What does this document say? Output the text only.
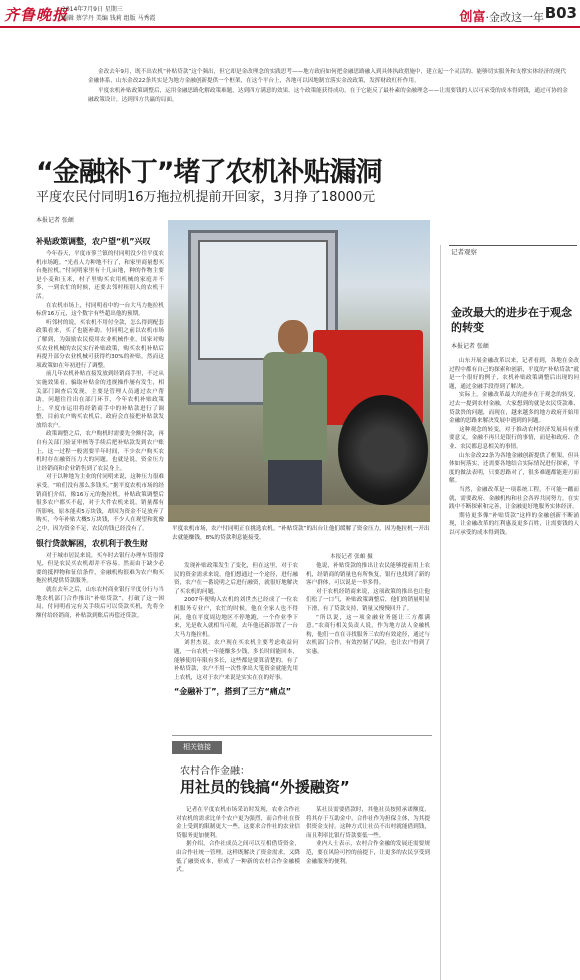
齐鲁晚报
2014年7月9日 星期三
编辑 蔡学丹 美编 钱莉 组版 马秀霞	创富·金改这一年 B03

金改去年9月，既不出农机“补贴贷款”这个频出，但它却是金改理念的实践思考——地方政府如何把金融思路融入到具体执政措施中，建立起一个灵活的、能够切实服务和支撑实体经济的现代金融体系，山东金改22条其实是为地方金融创新提供一个框架，在这个平台上，各地可以因地制宜落实金改政策，发挥财政杠杆作用。

平度农机补贴政策调整后，运用金融思路化解政策难题，达到四方满意的效果。这个政策能获得成功，在于它能反了最朴素的金融理念——让需要钱的人以可承受的成本得到钱，通过可协的金融政策设计，达到四方共赢的局面。

“金融补丁”堵了农机补贴漏洞
平度农民付同明16万拖拉机提前开回家，3月挣了18000元
本报记者 张頔
平度农机市场，农户付同明正在挑选农机。“补贴贷款”的出台让他们缓解了资金压力，因为拖拉机一开出去就能赚钱，8%的贷款利息能接受。
本报记者 张頔 摄

补贴政策调整，农户望“机”兴叹

今年春天，平度市蓼兰镇的付同明没少往平度农机市场跑。“光看人力种地不行了，和家里商量想买台拖拉机。”付同明家里有十几亩地，种的作物主要是小麦和玉米，村子里购买农用机械的家庭并不多，一到农忙的时候，还要去邻村租别人的农机干活。

在农机市场上，付同明看中的一台大马力拖拉机标价16万元，这个数字有些超出他的预期。

听邻村的说，买农机不用付全款，怎么得到配套政策看来，买了也能补助。付同明之前以农机市场了解到，为鼓励农民使用农业机械作业，国家对购买农业机械的农民实行补贴政策，购买农机补贴后再提升部分农业机械可获得约30%的补贴。然而这项政策如在年初进行了调整。

前几年农机补贴直接发放到经销商手里，不过从实施效果看，骗取补贴金的违规操作屡有发生，相关部门调查后发现，主要是管理人员通过农户帮助，问题往往出在部门环节，今年农机补贴政策上，平度市运用将经销商手中的补贴款进行了调整，目前农户购买农机后，政府会直接把补贴款发放给农户。

政策调整之后，农户购机时需要先全额付款，再自有关部门验证审核等手续后把补贴款发到农户账上，这一过程一般需要半年时间，不少农户购买农机时存在融资压力大的问题，也就是说，资金压力让经销商和企业销售到了农民身上。

对于以种地为主业的付同明来说，这种压力很难承受。“咱们没有那么多钱买。”据平度农机市场的经销商们介绍，像16万元的拖拉机，补贴政策调整后很多农户都买不起，对于大件农机来说，销量都有所影响，原本能卖5万块钱，却因为资金不足放弃了购买，今年补贴大概5万块钱，不少人在观望和犹豫之中，因为资金不足，农民的钱已经没有了。

银行贷款解困，农机利于教生财

对于城市居民来说，买车时去银行办理车贷很常见，但是农民买农机却并不容易。然而由于缺少必要的抵押物和征信条件，金融机构很难为农户购买拖拉机提供贷款服务。

就在去年之后，山东农村商业银行平度分行与当地农机部门合作推出“补贴贷款”，打破了这一困局，付同明看完有关手续后可以贷款买机，先将全额付给经销商，补贴款到账后再偿还贷款。

发现补贴政策发生了变化，但在这里，对于农民的资金需求来说，他们想通过一个途径，进行融资，农户在一番说明之后进行融资，就很好地解决了买农机的问题。

2007年便购入农机的刘世杰已经成了一位农机服务专业户，农忙的时候，他在全家人也不得闲，他在平度周边地区不停地跑，一个作业季下来，光是收入就相当可观，去年他还新添置了一台大马力拖拉机。

刘世杰说，农户现在买农机主要考虑收益问题，一台农机一年能赚多少钱，多长时间能回本，能够使用年限有多长，这些都是要算清楚的。有了补贴贷款，农户不用一次性拿出大笔资金就能先用上农机，这对于农户来说是实实在在的好事。

“金融补丁”，搭到了三方“痛点”

他说，补贴贷款的推出让农民能够提前用上农机，经销商的销量也有所恢复，银行也找到了新的客户群体，可以说是一举多得。

对于农机经销商来说，这项政策的推出也让他们松了一口气，补贴政策调整后，他们的销量明显下滑，有了贷款支持，销量又慢慢回升了。

“所以说，这一项金融业务能让三方都满意。”农商行相关负责人说，作为地方法人金融机构，他们一直在寻找服务三农的有效途径，通过与农机部门合作，有效控制了风险，也让农户得到了实惠。

相关链接
农村合作金融：
用社员的钱搞“外援融资”

记者在平度农机市场采访时发现，农业合作社对农机的需求比单个农户更为强烈，而合作社在资金上受到的限制更大一些，这要求合作社的农业信贷服务更加便利。

据介绍，合作社成员之间可以互相借贷资金，由合作社统一管理，这样既解决了资金需求，又降低了融资成本，形成了一种新的农村合作金融模式。

某社员需要借款时，其他社员按照承诺额度，将其存于互助金中，合作社作为担保主体，为其提供资金支持。这种方式让社员不出村就能借到钱，而且利率比银行贷款要低一些。

业内人士表示，农村合作金融的发展还需要规范，要在风险可控的前提下，让更多的农民享受到金融服务的便利。

记者观察
金改最大的进步在于观念的转变
本报记者 张頔

山东开展金融改革以来，记者看到，各地在金改过程中都有自己的探索和创新，平度的“补贴贷款”就是一个很好的例子，农机补贴政策调整后出现的问题，通过金融手段得到了解决。

实际上，金融改革最大的进步在于观念的转变，过去一提到农村金融，大家想到的就是农民贷款难、贷款贵的问题，而现在，越来越多的地方政府开始用金融的思路来解决发展中遇到的问题。

这种观念的转变，对于推动农村经济发展具有重要意义，金融不再只是银行的事情，而是和政府、企业、农民都息息相关的事情。

山东金改22条为各地金融创新提供了框架，但具体如何落实，还需要各地结合实际情况进行探索，平度的做法表明，只要思路对了，很多难题都能迎刃而解。

当然，金融改革是一项系统工程，不可能一蹴而就，需要政府、金融机构和社会各界共同努力，在实践中不断探索和完善，让金融更好地服务实体经济。

期待更多像“补贴贷款”这样的金融创新不断涌现，让金融改革的红利惠及更多百姓，让需要钱的人以可承受的成本得到钱。
